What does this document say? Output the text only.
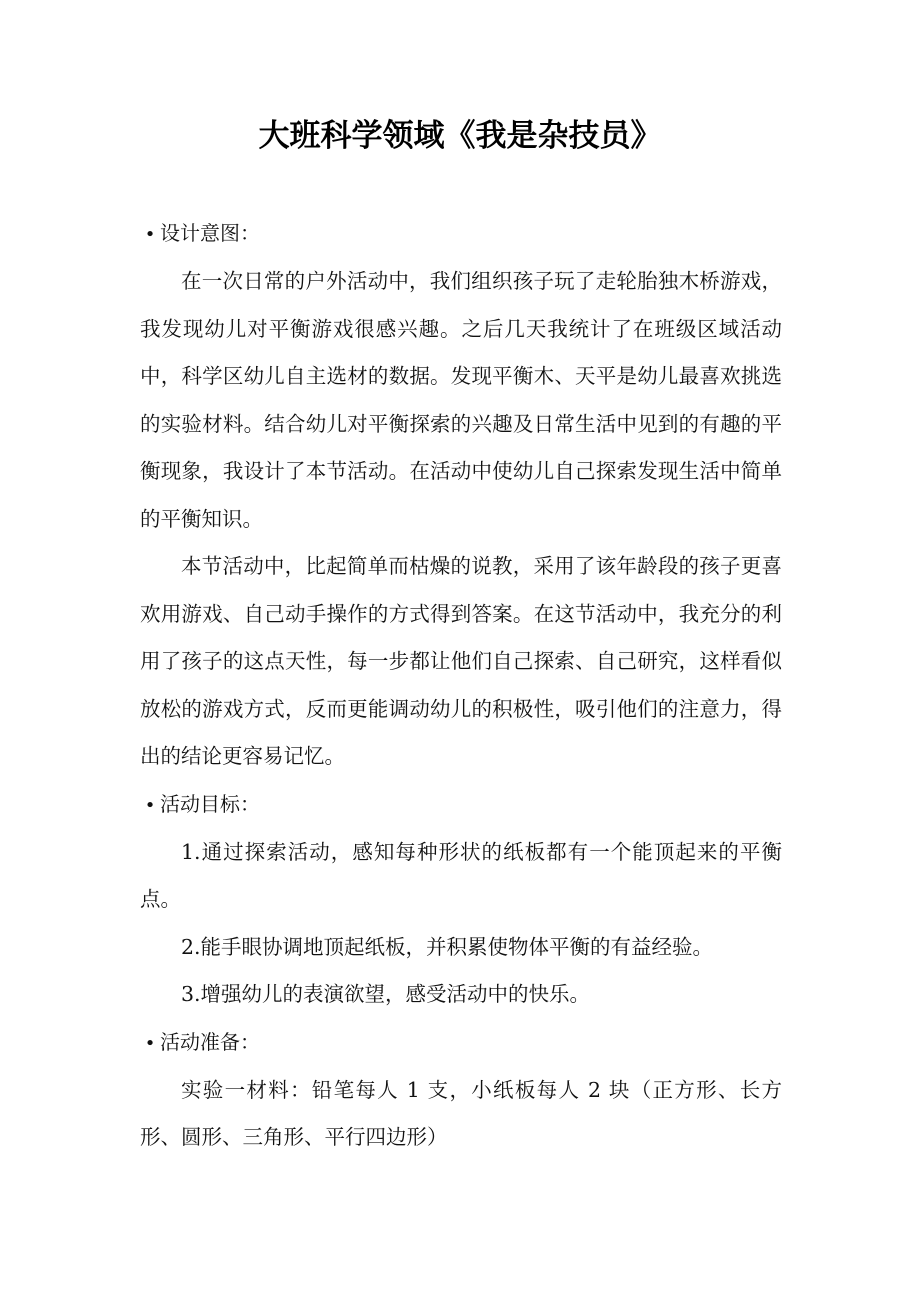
大班科学领域《我是杂技员》
• 设计意图：

在一次日常的户外活动中，我们组织孩子玩了走轮胎独木桥游戏，我发现幼儿对平衡游戏很感兴趣。之后几天我统计了在班级区域活动中，科学区幼儿自主选材的数据。发现平衡木、天平是幼儿最喜欢挑选的实验材料。结合幼儿对平衡探索的兴趣及日常生活中见到的有趣的平衡现象，我设计了本节活动。在活动中使幼儿自己探索发现生活中简单的平衡知识。

本节活动中，比起简单而枯燥的说教，采用了该年龄段的孩子更喜欢用游戏、自己动手操作的方式得到答案。在这节活动中，我充分的利用了孩子的这点天性，每一步都让他们自己探索、自己研究，这样看似放松的游戏方式，反而更能调动幼儿的积极性，吸引他们的注意力，得出的结论更容易记忆。

• 活动目标：

1.通过探索活动，感知每种形状的纸板都有一个能顶起来的平衡点。

2.能手眼协调地顶起纸板，并积累使物体平衡的有益经验。

3.增强幼儿的表演欲望，感受活动中的快乐。

• 活动准备：

实验一材料：铅笔每人 1 支，小纸板每人 2 块（正方形、长方形、圆形、三角形、平行四边形）
